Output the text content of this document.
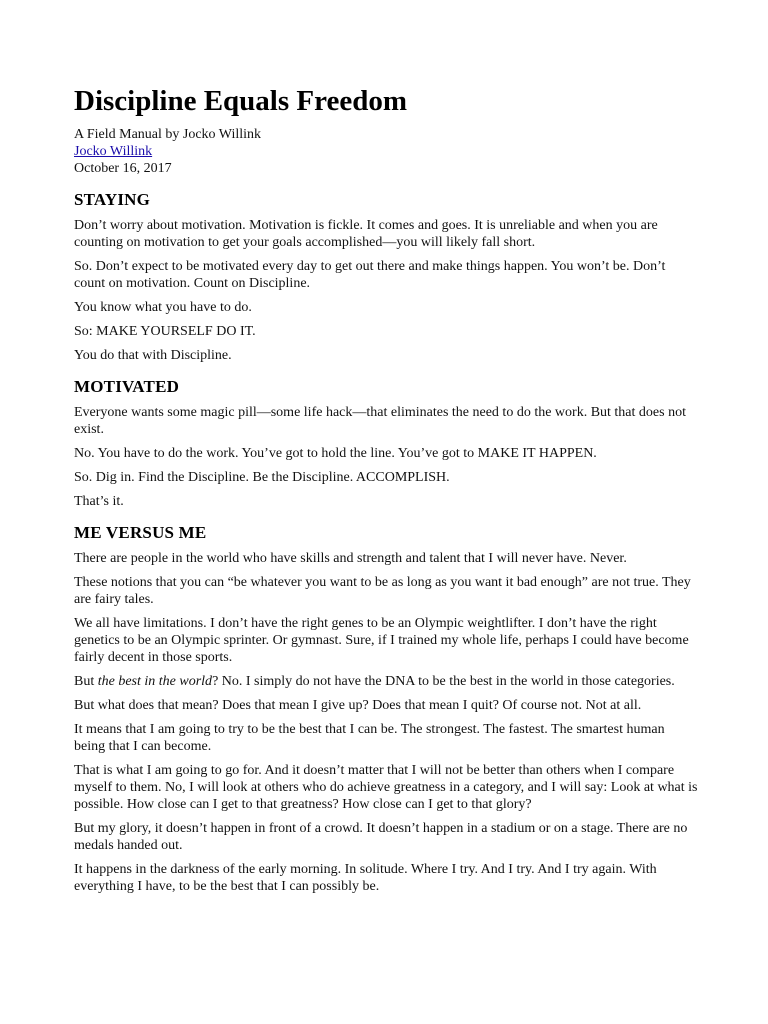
Discipline Equals Freedom
A Field Manual by Jocko Willink
Jocko Willink
October 16, 2017
STAYING

Don’t worry about motivation. Motivation is fickle. It comes and goes. It is unreliable and when you are counting on motivation to get your goals accomplished—you will likely fall short.

So. Don’t expect to be motivated every day to get out there and make things happen. You won’t be. Don’t count on motivation. Count on Discipline.

You know what you have to do.

So: MAKE YOURSELF DO IT.

You do that with Discipline.

MOTIVATED

Everyone wants some magic pill—some life hack—that eliminates the need to do the work. But that does not exist.

No. You have to do the work. You’ve got to hold the line. You’ve got to MAKE IT HAPPEN.

So. Dig in. Find the Discipline. Be the Discipline. ACCOMPLISH.

That’s it.

ME VERSUS ME

There are people in the world who have skills and strength and talent that I will never have. Never.

These notions that you can “be whatever you want to be as long as you want it bad enough” are not true. They are fairy tales.

We all have limitations. I don’t have the right genes to be an Olympic weightlifter. I don’t have the right genetics to be an Olympic sprinter. Or gymnast. Sure, if I trained my whole life, perhaps I could have become fairly decent in those sports.

But the best in the world? No. I simply do not have the DNA to be the best in the world in those categories.

But what does that mean? Does that mean I give up? Does that mean I quit? Of course not. Not at all.

It means that I am going to try to be the best that I can be. The strongest. The fastest. The smartest human being that I can become.

That is what I am going to go for. And it doesn’t matter that I will not be better than others when I compare myself to them. No, I will look at others who do achieve greatness in a category, and I will say: Look at what is possible. How close can I get to that greatness? How close can I get to that glory?

But my glory, it doesn’t happen in front of a crowd. It doesn’t happen in a stadium or on a stage. There are no medals handed out.

It happens in the darkness of the early morning. In solitude. Where I try. And I try. And I try again. With everything I have, to be the best that I can possibly be.
